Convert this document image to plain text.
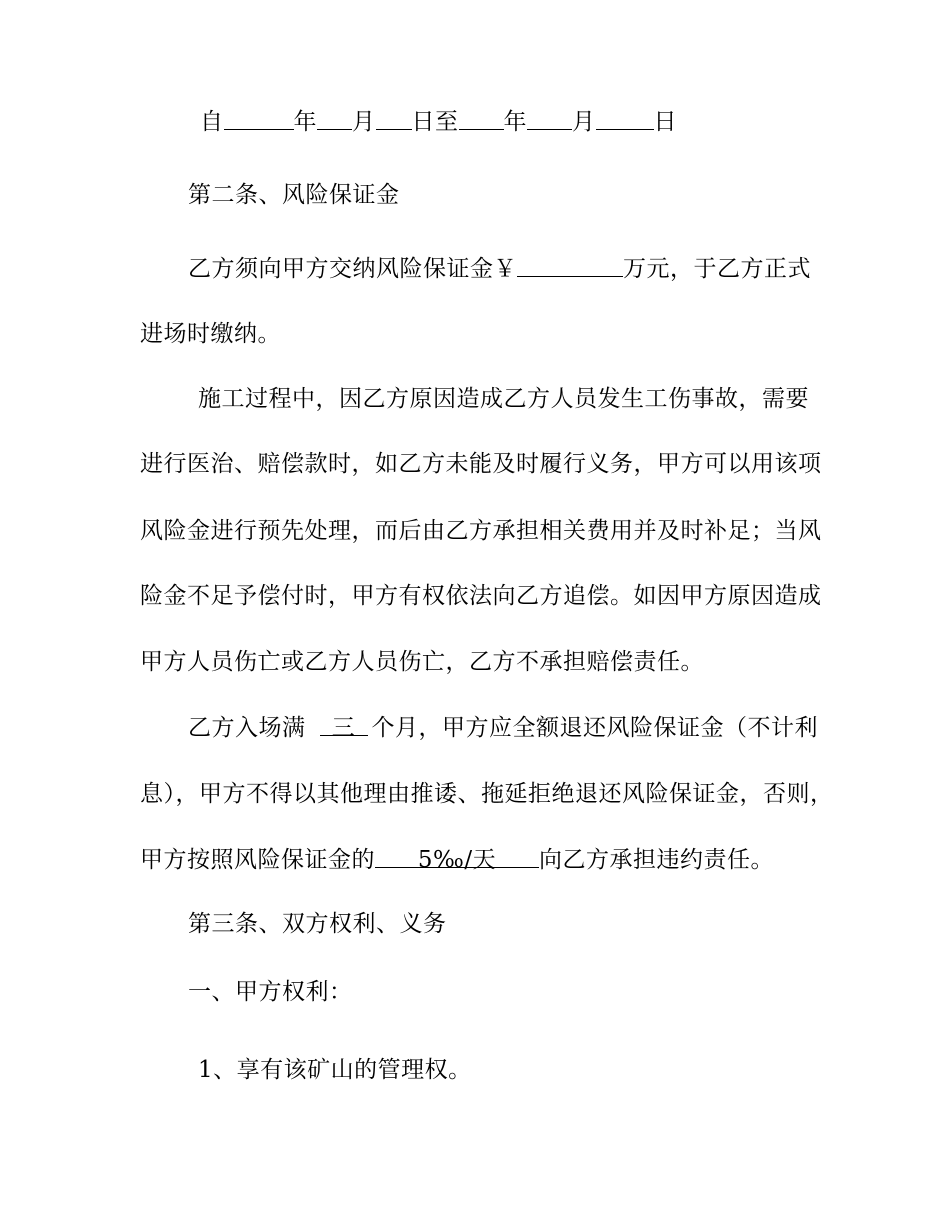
自	年 月 日至 年 月	日
第二条、风险保证金
乙方须向甲方交纳风险保证金￥	万元，于乙方正式
进场时缴纳。
施工过程中，因乙方原因造成乙方人员发生工伤事故，需要
进行医治、赔偿款时，如乙方未能及时履行义务，甲方可以用该项
风险金进行预先处理，而后由乙方承担相关费用并及时补足；当风
险金不足予偿付时，甲方有权依法向乙方追偿。如因甲方原因造成
甲方人员伤亡或乙方人员伤亡，乙方不承担赔偿责任。
乙方入场满 三 个月，甲方应全额退还风险保证金（不计利
息），甲方不得以其他理由推诿、拖延拒绝退还风险保证金，否则，
甲方按照风险保证金的 5‰/天 向乙方承担违约责任。
第三条、双方权利、义务
一、甲方权利：
1、享有该矿山的管理权。
